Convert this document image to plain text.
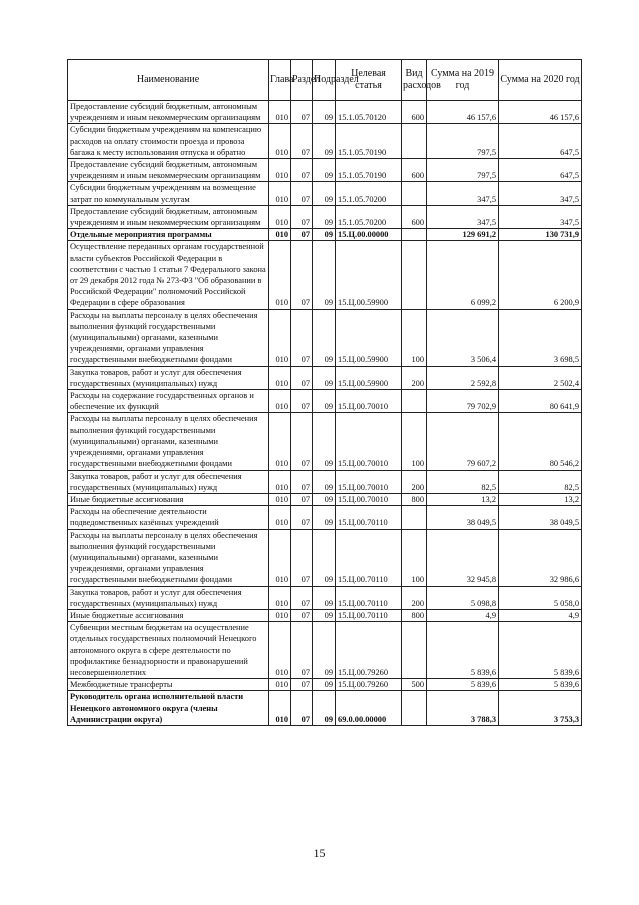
Наименование	Глава	Раздел	Подраздел	Целевая статья	Вид расходов	Сумма на 2019 год	Сумма на 2020 год
Предоставление субсидий бюджетным, автономным учреждениям и иным некоммерческим организациям	010	07	09	15.1.05.70120	600	46 157,6	46 157,6
Субсидии бюджетным учреждениям на компенсацию расходов на оплату стоимости проезда и провоза багажа к месту использования отпуска и обратно	010	07	09	15.1.05.70190		797,5	647,5
Предоставление субсидий бюджетным, автономным учреждениям и иным некоммерческим организациям	010	07	09	15.1.05.70190	600	797,5	647,5
Субсидии бюджетным учреждениям на возмещение затрат по коммунальным услугам	010	07	09	15.1.05.70200		347,5	347,5
Предоставление субсидий бюджетным, автономным учреждениям и иным некоммерческим организациям	010	07	09	15.1.05.70200	600	347,5	347,5
Отдельные мероприятия программы	010	07	09	15.Ц.00.00000		129 691,2	130 731,9
Осуществление переданных органам государственной власти субъектов Российской Федерации в соответствии с частью 1 статьи 7 Федерального закона от 29 декабря 2012 года № 273-ФЗ "Об образовании в Российской Федерации" полномочий Российской Федерации в сфере образования	010	07	09	15.Ц.00.59900		6 099,2	6 200,9
Расходы на выплаты персоналу в целях обеспечения выполнения функций государственными (муниципальными) органами, казенными учреждениями, органами управления государственными внебюджетными фондами	010	07	09	15.Ц.00.59900	100	3 506,4	3 698,5
Закупка товаров, работ и услуг для обеспечения государственных (муниципальных) нужд	010	07	09	15.Ц.00.59900	200	2 592,8	2 502,4
Расходы на содержание государственных органов и обеспечение их функций	010	07	09	15.Ц.00.70010		79 702,9	80 641,9
Расходы на выплаты персоналу в целях обеспечения выполнения функций государственными (муниципальными) органами, казенными учреждениями, органами управления государственными внебюджетными фондами	010	07	09	15.Ц.00.70010	100	79 607,2	80 546,2
Закупка товаров, работ и услуг для обеспечения государственных (муниципальных) нужд	010	07	09	15.Ц.00.70010	200	82,5	82,5
Иные бюджетные ассигнования	010	07	09	15.Ц.00.70010	800	13,2	13,2
Расходы на обеспечение деятельности подведомственных казённых учреждений	010	07	09	15.Ц.00.70110		38 049,5	38 049,5
Расходы на выплаты персоналу в целях обеспечения выполнения функций государственными (муниципальными) органами, казенными учреждениями, органами управления государственными внебюджетными фондами	010	07	09	15.Ц.00.70110	100	32 945,8	32 986,6
Закупка товаров, работ и услуг для обеспечения государственных (муниципальных) нужд	010	07	09	15.Ц.00.70110	200	5 098,8	5 058,0
Иные бюджетные ассигнования	010	07	09	15.Ц.00.70110	800	4,9	4,9
Субвенции местным бюджетам на осуществление отдельных государственных полномочий Ненецкого автономного округа в сфере деятельности по профилактике безнадзорности и правонарушений несовершеннолетних	010	07	09	15.Ц.00.79260		5 839,6	5 839,6
Межбюджетные трансферты	010	07	09	15.Ц.00.79260	500	5 839,6	5 839,6
Руководитель органа исполнительной власти Ненецкого автономного округа (члены Администрации округа)	010	07	09	69.0.00.00000		3 788,3	3 753,3
15
